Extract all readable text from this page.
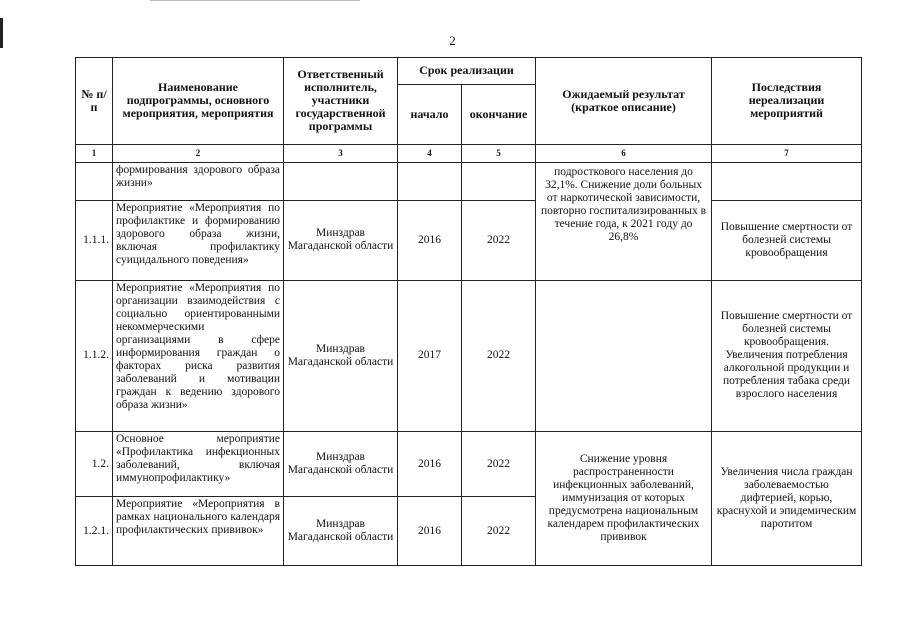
2
№ п/п	Наименование подпрограммы, основного мероприятия, мероприятия	Ответственный исполнитель, участники государственной программы	Срок реализации		Ожидаемый результат (краткое описание)	Последствия нереализации мероприятий
			начало	окончание		
1	2	3	4	5	6	7
	формирования здорового образа жизни»				подросткового населения до 32,1%. Снижение доли больных от наркотической зависимости, повторно госпитализированных в течение года, к 2021 году до 26,8%	
1.1.1.	Мероприятие «Мероприятия по профилактике и формированию здорового образа жизни, включая профилактику суицидального поведения»	Минздрав Магаданской области	2016	2022		Повышение смертности от болезней системы кровообращения
1.1.2.	Мероприятие «Мероприятия по организации взаимодействия с социально ориентированными некоммерческими организациями в сфере информирования граждан о факторах риска развития заболеваний и мотивации граждан к ведению здорового образа жизни»	Минздрав Магаданской области	2017	2022		Повышение смертности от болезней системы кровообращения. Увеличения потребления алкогольной продукции и потребления табака среди взрослого населения
1.2.	Основное мероприятие «Профилактика инфекционных заболеваний, включая иммунопрофилактику»	Минздрав Магаданской области	2016	2022	Снижение уровня распространенности инфекционных заболеваний, иммунизация от которых предусмотрена национальным календарем профилактических прививок	Увеличения числа граждан заболеваемостью дифтерией, корью, краснухой и эпидемическим паротитом
1.2.1.	Мероприятие «Мероприятия в рамках национального календаря профилактических прививок»	Минздрав Магаданской области	2016	2022		
